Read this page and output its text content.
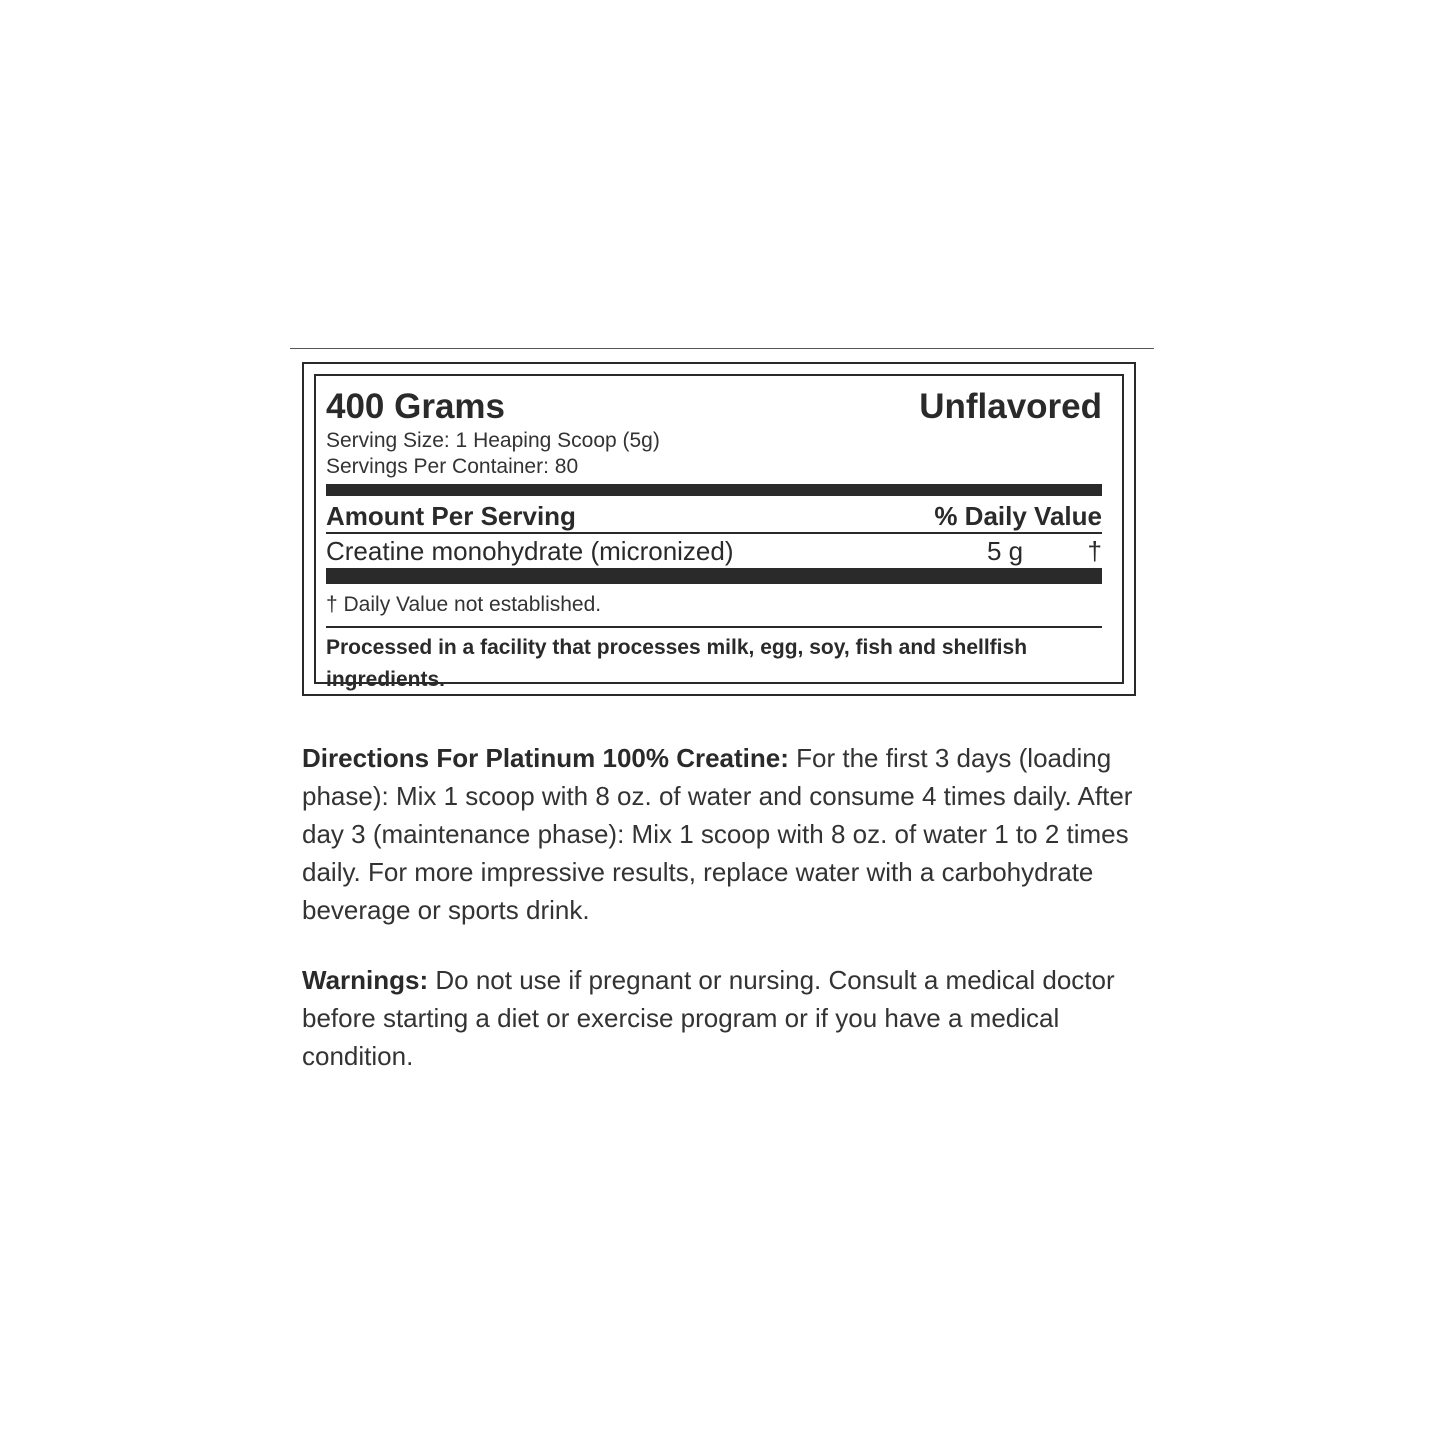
400 Grams	Unflavored
Serving Size: 1 Heaping Scoop (5g)
Servings Per Container: 80
Amount Per Serving	% Daily Value
Creatine monohydrate (micronized)	5 g †
† Daily Value not established.
Processed in a facility that processes milk, egg, soy, fish and shellfish ingredients.
Directions For Platinum 100% Creatine: For the first 3 days (loading phase): Mix 1 scoop with 8 oz. of water and consume 4 times daily. After day 3 (maintenance phase): Mix 1 scoop with 8 oz. of water 1 to 2 times daily. For more impressive results, replace water with a carbohydrate beverage or sports drink.
Warnings: Do not use if pregnant or nursing. Consult a medical doctor before starting a diet or exercise program or if you have a medical condition.
